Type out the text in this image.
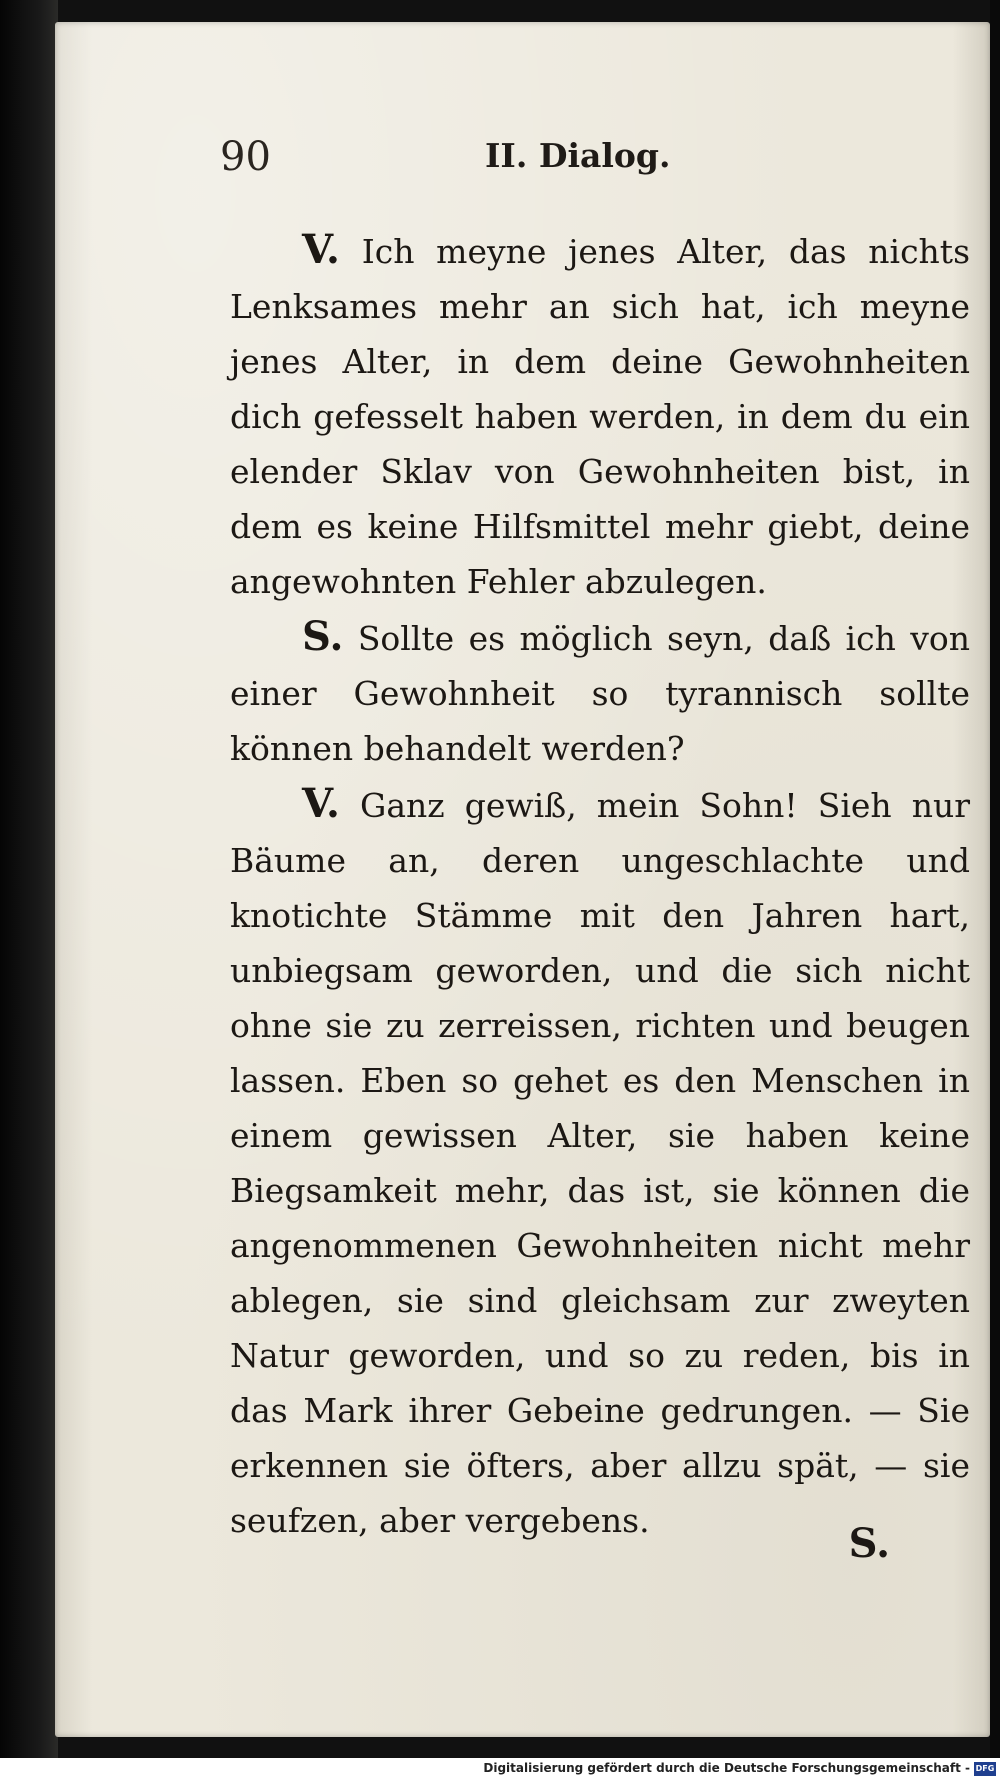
90	II. Dialog.

V. Ich meyne jenes Alter, das nichts Lenksames mehr an sich hat, ich meyne jenes Alter, in dem deine Gewohnheiten dich gefesselt haben werden, in dem du ein elender Sklav von Gewohnheiten bist, in dem es keine Hilfsmittel mehr giebt, deine angewohnten Fehler abzulegen.

S. Sollte es möglich seyn, daß ich von einer Gewohnheit so tyrannisch sollte können behandelt werden?

V. Ganz gewiß, mein Sohn! Sieh nur Bäume an, deren ungeschlachte und knotichte Stämme mit den Jahren hart, unbiegsam geworden, und die sich nicht ohne sie zu zerreissen, richten und beugen lassen. Eben so gehet es den Menschen in einem gewissen Alter, sie haben keine Biegsamkeit mehr, das ist, sie können die angenommenen Gewohnheiten nicht mehr ablegen, sie sind gleichsam zur zweyten Natur geworden, und so zu reden, bis in das Mark ihrer Gebeine gedrungen. — Sie erkennen sie öfters, aber allzu spät, — sie seufzen, aber vergebens.	S.
Digitalisierung gefördert durch die Deutsche Forschungsgemeinschaft - DFG
